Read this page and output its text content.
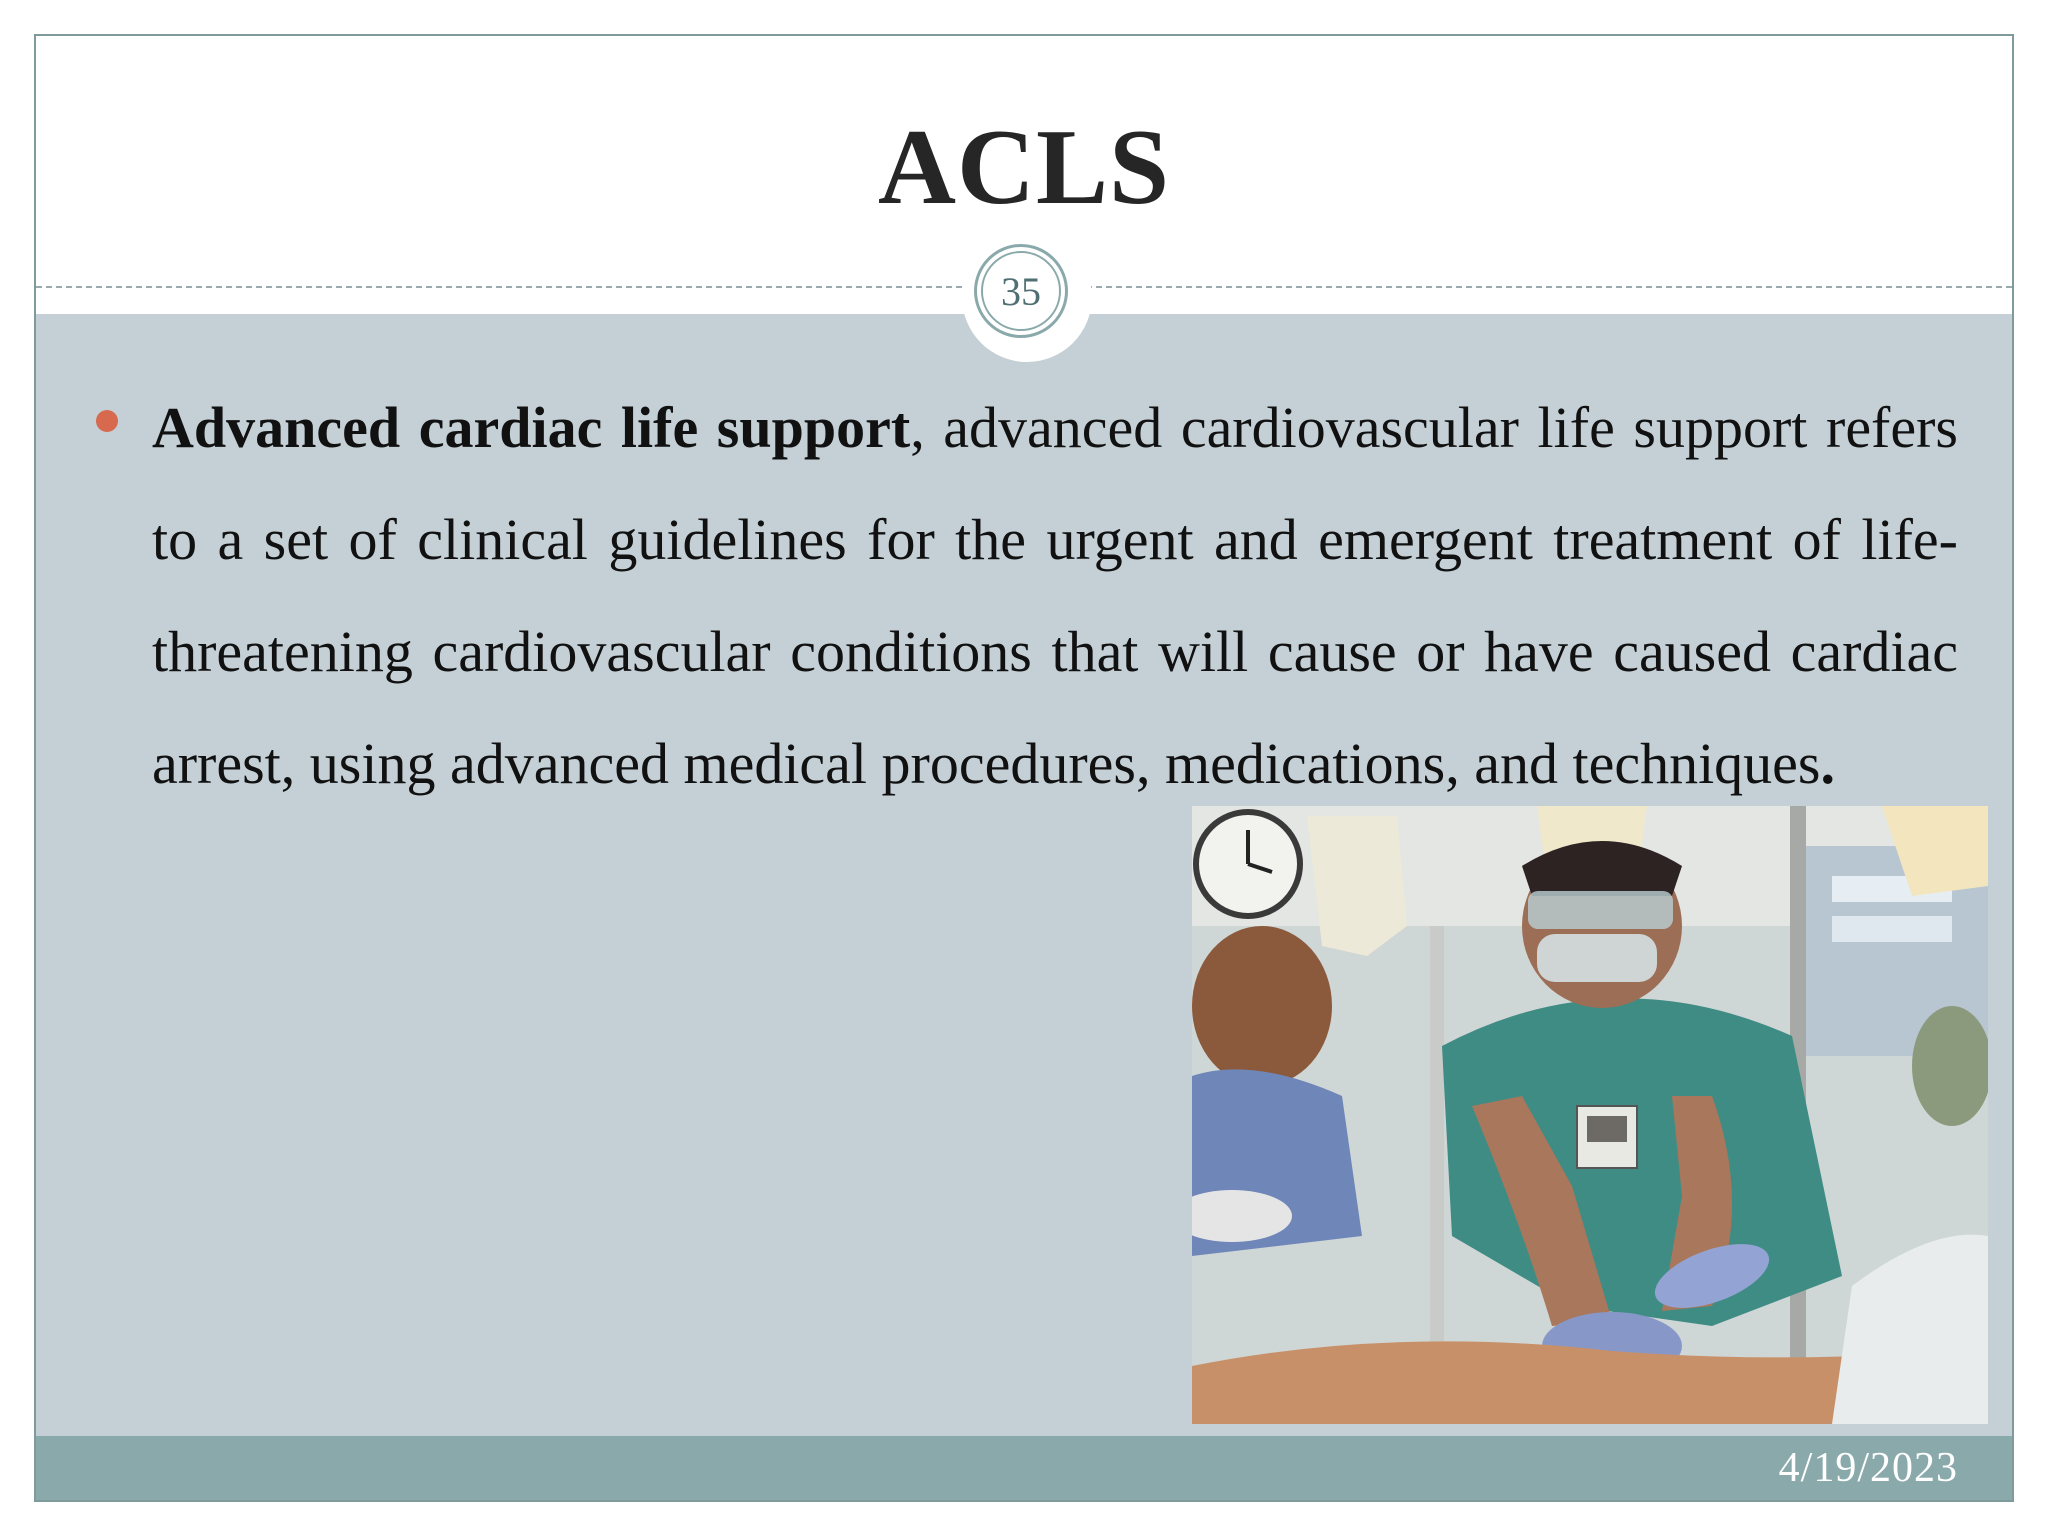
ACLS
35
Advanced cardiac life support, advanced cardiovascular life support refers to a set of clinical guidelines for the urgent and emergent treatment of life-threatening cardiovascular conditions that will cause or have caused cardiac arrest, using advanced medical procedures, medications, and techniques.
4/19/2023
